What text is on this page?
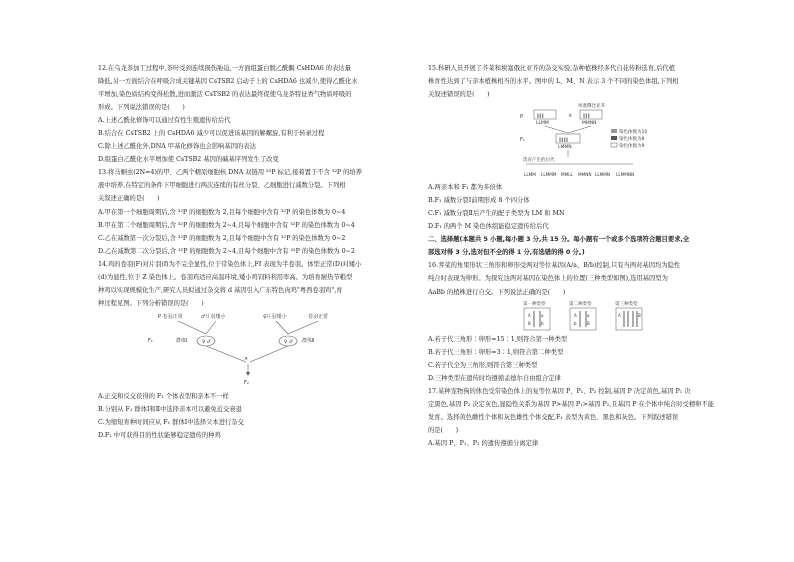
12.在乌龙茶加工过程中,茶叶受到连续损伤胁迫,一方面组蛋白脱乙酰酶 CsHDA6 的表达量
降低,另一方面结合在呼吸合成关键基因 CsTSB2 启动子上的 CsHDA6 也减少,使得乙酰化水
平增加,染色质结构变得松散,进而激活 CsTSB2 的表达最终促使乌龙茶特征香气物质呼吸的
形成。下列说法错误的是(　　)
A.上述乙酰化修饰可以通过有性生殖遗传给后代
B.结合在 CsTSB2 上的 CsHDA6 减少可以促进该基因的解螺旋,有利于转录过程
C.除上述乙酰化外,DNA 甲基化修饰也会影响基因的表达
D.组蛋白乙酰化水平增加使 CsTSB2 基因的碱基序列发生了改变
13.将马蛔虫(2N=4)的甲、乙两个精原细胞核 DNA 双链用 ³²P 标记,接着置于不含 ³²P 的培养
液中培养,在特定的条件下甲细胞进行两次连续的有丝分裂、乙细胞进行减数分裂。下列相
关叙述正确的是(　　)
A.甲在第一个细胞周期后,含 ³²P 的细胞数为 2,且每个细胞中含有 ³²P 的染色体数为 0~4
B.甲在第二个细胞周期后,含 ³²P 的细胞数为 2~4,且每个细胞中含有 ³²P 的染色体数为 0~4
C.乙在减数第一次分裂后,含 ³²P 的细胞数为 2,且每个细胞中含有 ³²P 的染色体数为 0~2
D.乙在减数第二次分裂后,含 ³²P 的细胞数为 2~4,且每个细胞中含有 ³²P 的染色体数为 0~2
14.鸡的卷羽(F)对片羽(f)为不完全显性,位于常染色体上,Ff 表现为半卷羽。体型正常(D)对矮小
(d)为显性,位于 Z 染色体上。卷羽鸡适应高温环境,矮小鸡饲料利用率高。为培育耐热节粮型
种鸡以实现规模化生产,研究人员拟通过杂交将 d 基因引入广东特色肉鸡"粤西卷羽鸡",育
种过程见图。下列分析错误的是(　　)
P 卷羽正常	♂片羽矮小	♀片羽矮小	卷羽正常
F₁	群体Ⅰ	♀ ♂	♀ ♂ 群体Ⅱ
×
F₂
A.正交和反交获得的 F₁ 个体表型和亲本不一样
B.分别从 F₁ 群体Ⅰ和Ⅱ中选择亲本可以避免近交衰退
C.为缩短育种时间应从 F₁ 群体Ⅰ中选择父本进行杂交
D.F₂ 中可获得目的性状能够稳定遗传的种鸡
15.科研人员开展了芥菜和埃塞俄比亚芥的杂交实验,杂种植株经多代自花传粉选育,后代植
株育性达到了与亲本植株相当的水平。图中的 L、M、N 表示 3 个不同的染色体组,下列相
关叙述错误的是(　　)
埃塞俄比亚芥
P	‖‖‖
LLMM
× ‖‖‖
MMNN
F₁	‖‖‖‖
LMMN
染色体数为10
染色体数为8
染色体数为9
选育产生的后代
LLMM LLMMM MMLL MMNN LLMMN LLMMNN
A.两亲本和 F₁ 都为多倍体
B.F₁ 减数分裂Ⅰ前期形成 8 个四分体
C.F₁ 减数分裂Ⅱ后产生的配子类型为 LM 和 MN
D.F₁ 的两个 M 染色体组能稳定遗传给后代
二、选择题(本题共 5 小题,每小题 3 分,共 15 分。每小题有一个或多个选项符合题目要求,全
部选对得 3 分,选对但不全的得 1 分,有选错的得 0 分。)
16.荠菜的角果形状三角形和卵形受两对等位基因(A/a、B/b)控制,只有当两对基因均为隐性
纯合时表现为卵形。为探究这两对基因在染色体上的位置(三种类型如图),选用基因型为
AaBb 的植株进行自交。下列说法正确的是(　　)
第一种类型
A	a
B	b
第二种类型
A	a
b	B
第三种类型
A	B
A.若子代三角形∶卵形=15∶1,则符合第一种类型
B.若子代三角形∶卵形=3∶1,则符合第二种类型
C.若子代全为三角形,则符合第三种类型
D.三种类型在遗传时均遵循孟德尔自由组合定律
17.某种宠物狗的体色受常染色体上的复等位基因 P、P₁、P₂ 控制,基因 P 决定黄色,基因 P₁ 决
定黑色,基因 P₂ 决定灰色,显隐性关系为基因 P>基因 P₁>基因 P₂,且基因 P 在个体中纯合时受精卵不能
发育。选择黄色雌性个体和灰色雄性个体交配,F₁ 表型为黄色、黑色和灰色。下列叙述错误
的是(　　)
A.基因 P、P₁、P₂ 的遗传遵循分离定律
